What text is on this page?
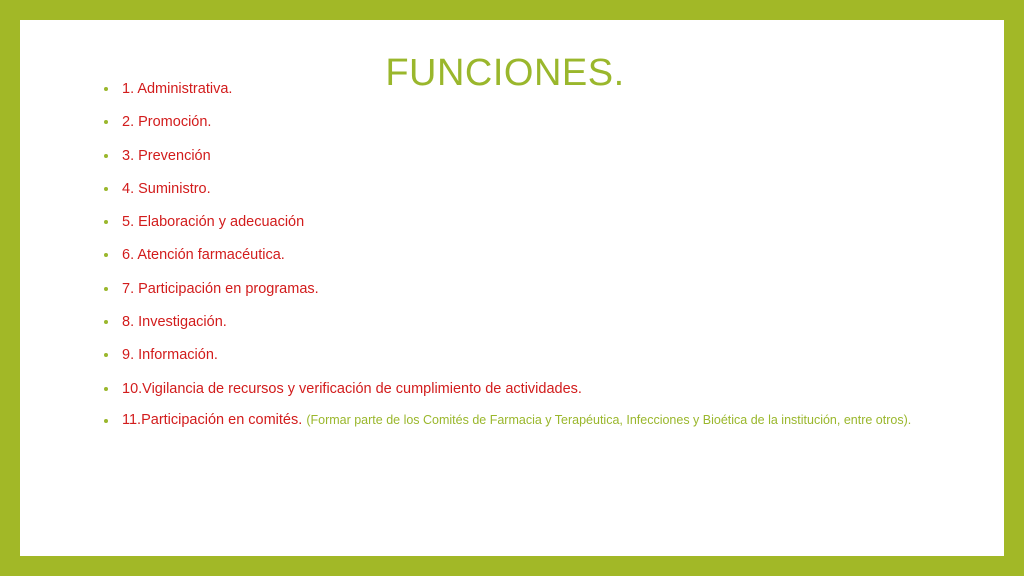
FUNCIONES.
1. Administrativa.
2. Promoción.
3. Prevención
4. Suministro.
5. Elaboración y adecuación
6. Atención farmacéutica.
7. Participación en programas.
8. Investigación.
9. Información.
10.Vigilancia de recursos y verificación de cumplimiento de actividades.
11.Participación en comités. (Formar parte de los Comités de Farmacia y Terapéutica, Infecciones y Bioética de la institución, entre otros).
